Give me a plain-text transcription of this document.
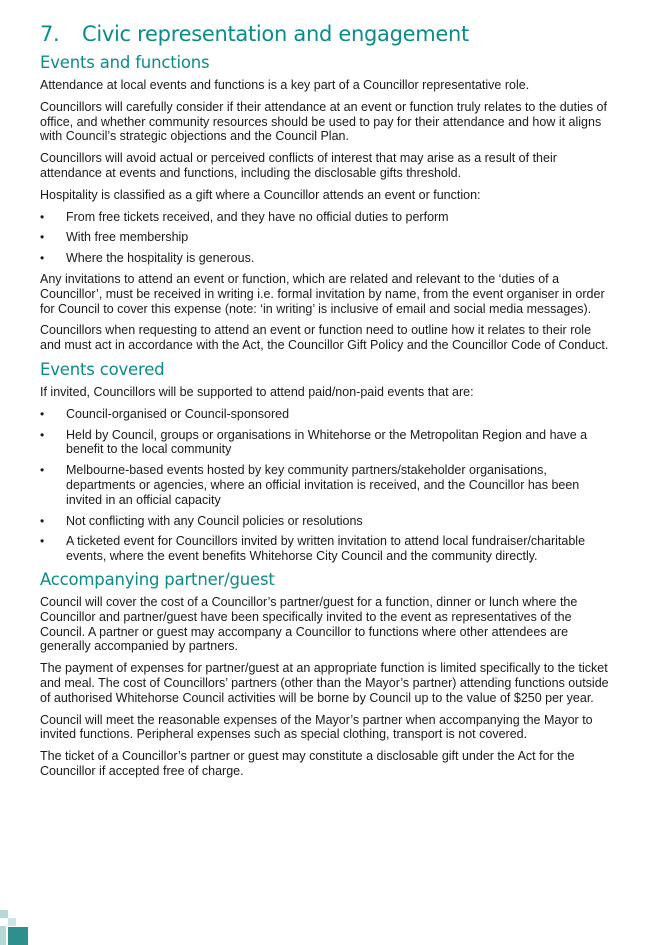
7.	Civic representation and engagement
Events and functions

Attendance at local events and functions is a key part of a Councillor representative role.

Councillors will carefully consider if their attendance at an event or function truly relates to the duties of office, and whether community resources should be used to pay for their attendance and how it aligns with Council’s strategic objections and the Council Plan.

Councillors will avoid actual or perceived conflicts of interest that may arise as a result of their attendance at events and functions, including the disclosable gifts threshold.

Hospitality is classified as a gift where a Councillor attends an event or function:

• From free tickets received, and they have no official duties to perform
• With free membership
• Where the hospitality is generous.

Any invitations to attend an event or function, which are related and relevant to the ‘duties of a Councillor’, must be received in writing i.e. formal invitation by name, from the event organiser in order for Council to cover this expense (note: ‘in writing’ is inclusive of email and social media messages).

Councillors when requesting to attend an event or function need to outline how it relates to their role and must act in accordance with the Act, the Councillor Gift Policy and the Councillor Code of Conduct.

Events covered

If invited, Councillors will be supported to attend paid/non-paid events that are:

• Council-organised or Council-sponsored
• Held by Council, groups or organisations in Whitehorse or the Metropolitan Region and have a benefit to the local community
• Melbourne-based events hosted by key community partners/stakeholder organisations, departments or agencies, where an official invitation is received, and the Councillor has been invited in an official capacity
• Not conflicting with any Council policies or resolutions
• A ticketed event for Councillors invited by written invitation to attend local fundraiser/charitable events, where the event benefits Whitehorse City Council and the community directly.
Accompanying partner/guest

Council will cover the cost of a Councillor’s partner/guest for a function, dinner or lunch where the Councillor and partner/guest have been specifically invited to the event as representatives of the Council. A partner or guest may accompany a Councillor to functions where other attendees are generally accompanied by partners.

The payment of expenses for partner/guest at an appropriate function is limited specifically to the ticket and meal. The cost of Councillors’ partners (other than the Mayor’s partner) attending functions outside of authorised Whitehorse Council activities will be borne by Council up to the value of $250 per year.

Council will meet the reasonable expenses of the Mayor’s partner when accompanying the Mayor to invited functions. Peripheral expenses such as special clothing, transport is not covered.

The ticket of a Councillor’s partner or guest may constitute a disclosable gift under the Act for the Councillor if accepted free of charge.
